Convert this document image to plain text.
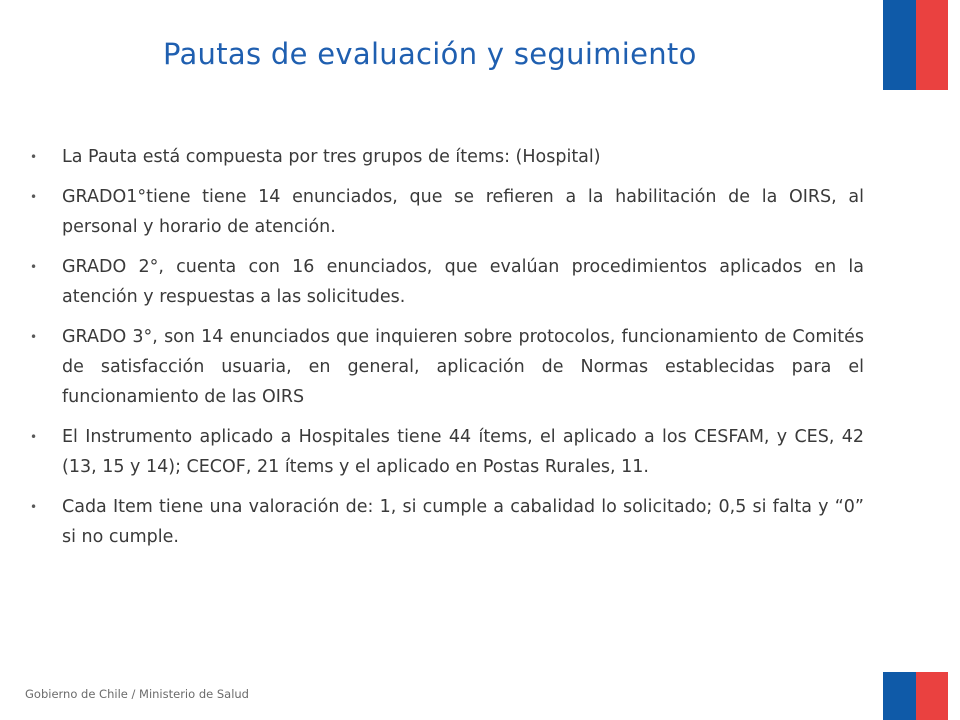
Pautas de evaluación y seguimiento
•	La Pauta está compuesta por tres grupos de ítems: (Hospital)

•	GRADO1°tiene tiene 14 enunciados, que se refieren a la habilitación de la OIRS, al personal y horario de atención.

•	GRADO 2°, cuenta con 16 enunciados, que evalúan procedimientos aplicados en la atención y respuestas a las solicitudes.

•	GRADO 3°, son 14 enunciados que inquieren sobre protocolos, funcionamiento de Comités de satisfacción usuaria, en general, aplicación de Normas establecidas para el funcionamiento de las OIRS

•	El Instrumento aplicado a Hospitales tiene 44 ítems, el aplicado a los CESFAM, y CES, 42 (13, 15 y 14); CECOF, 21 ítems y el aplicado en Postas Rurales, 11.

•	Cada Item tiene una valoración de: 1, si cumple a cabalidad lo solicitado; 0,5 si falta y “0” si no cumple.

Gobierno de Chile / Ministerio de Salud
